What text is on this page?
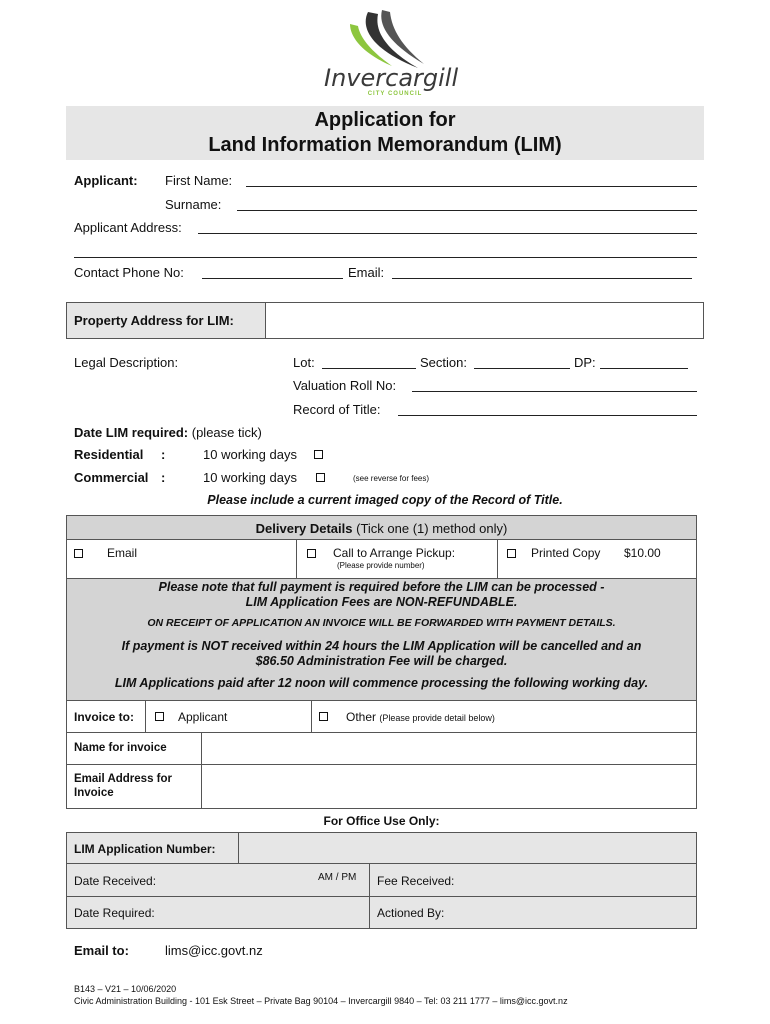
Invercargill
CITY COUNCIL
Application for
Land Information Memorandum (LIM)
Applicant: First Name:
Surname:
Applicant Address:
Contact Phone No:	Email:
Property Address for LIM:
Legal Description:	Lot:	Section:	DP:
Valuation Roll No:
Record of Title:
Date LIM required: (please tick)
Residential :	10 working days
Commercial :	10 working days	(see reverse for fees)
Please include a current imaged copy of the Record of Title.
Delivery Details (Tick one (1) method only)
Email	Call to Arrange Pickup:
(Please provide number)
Printed Copy $10.00
Please note that full payment is required before the LIM can be processed -
LIM Application Fees are NON-REFUNDABLE.
ON RECEIPT OF APPLICATION AN INVOICE WILL BE FORWARDED WITH PAYMENT DETAILS.
If payment is NOT received within 24 hours the LIM Application will be cancelled and an
$86.50 Administration Fee will be charged.
LIM Applications paid after 12 noon will commence processing the following working day.
Invoice to:	Applicant	Other (Please provide detail below)
Name for invoice
Email Address for
Invoice
For Office Use Only:
LIM Application Number:
Date Received:	AM / PM Fee Received:
Date Required:	Actioned By:
Email to:	lims@icc.govt.nz
B143 – V21 – 10/06/2020
Civic Administration Building - 101 Esk Street – Private Bag 90104 – Invercargill 9840 – Tel: 03 211 1777 – lims@icc.govt.nz
